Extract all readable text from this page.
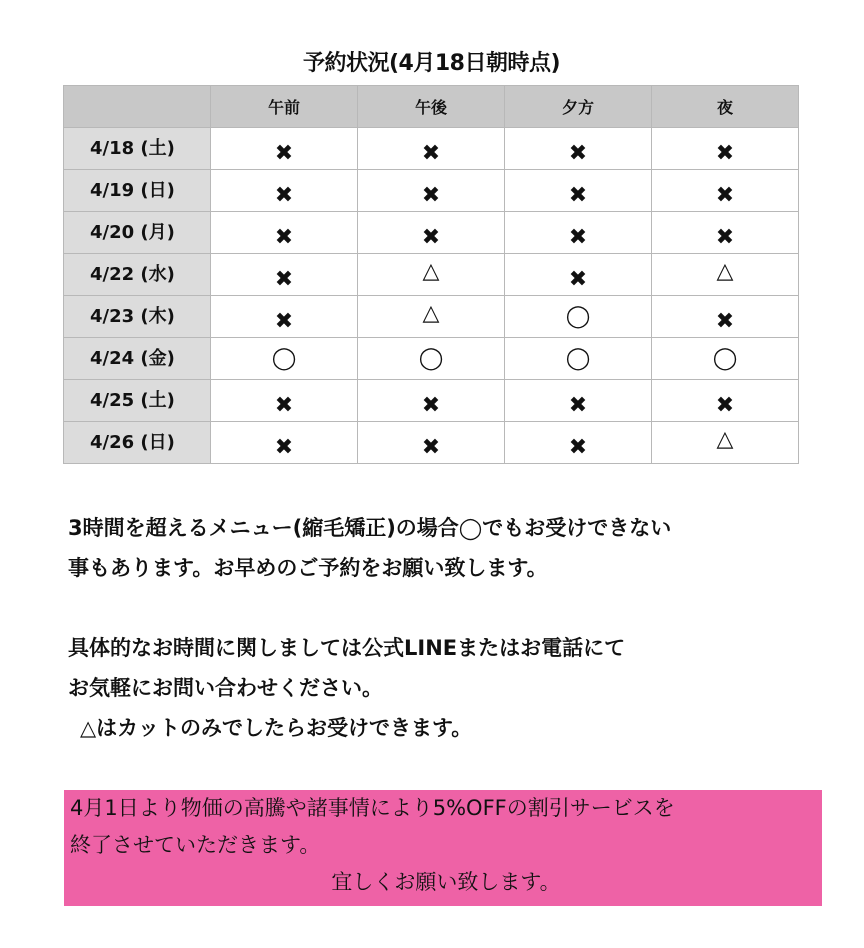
予約状況(4月18日朝時点)
	午前	午後	夕方	夜
4/18 (土)	✖	✖	✖	✖
4/19 (日)	✖	✖	✖	✖
4/20 (月)	✖	✖	✖	✖
4/22 (水)	✖	△	✖	△
4/23 (木)	✖	△	◯	✖
4/24 (金)	◯	◯	◯	◯
4/25 (土)	✖	✖	✖	✖
4/26 (日)	✖	✖	✖	△

3時間を超えるメニュー(縮毛矯正)の場合◯でもお受けできない

事もあります。お早めのご予約をお願い致します。

具体的なお時間に関しましては公式LINEまたはお電話にて

お気軽にお問い合わせください。

△はカットのみでしたらお受けできます。

4月1日より物価の高騰や諸事情により5%OFFの割引サービスを

終了させていただきます。

宜しくお願い致します。
